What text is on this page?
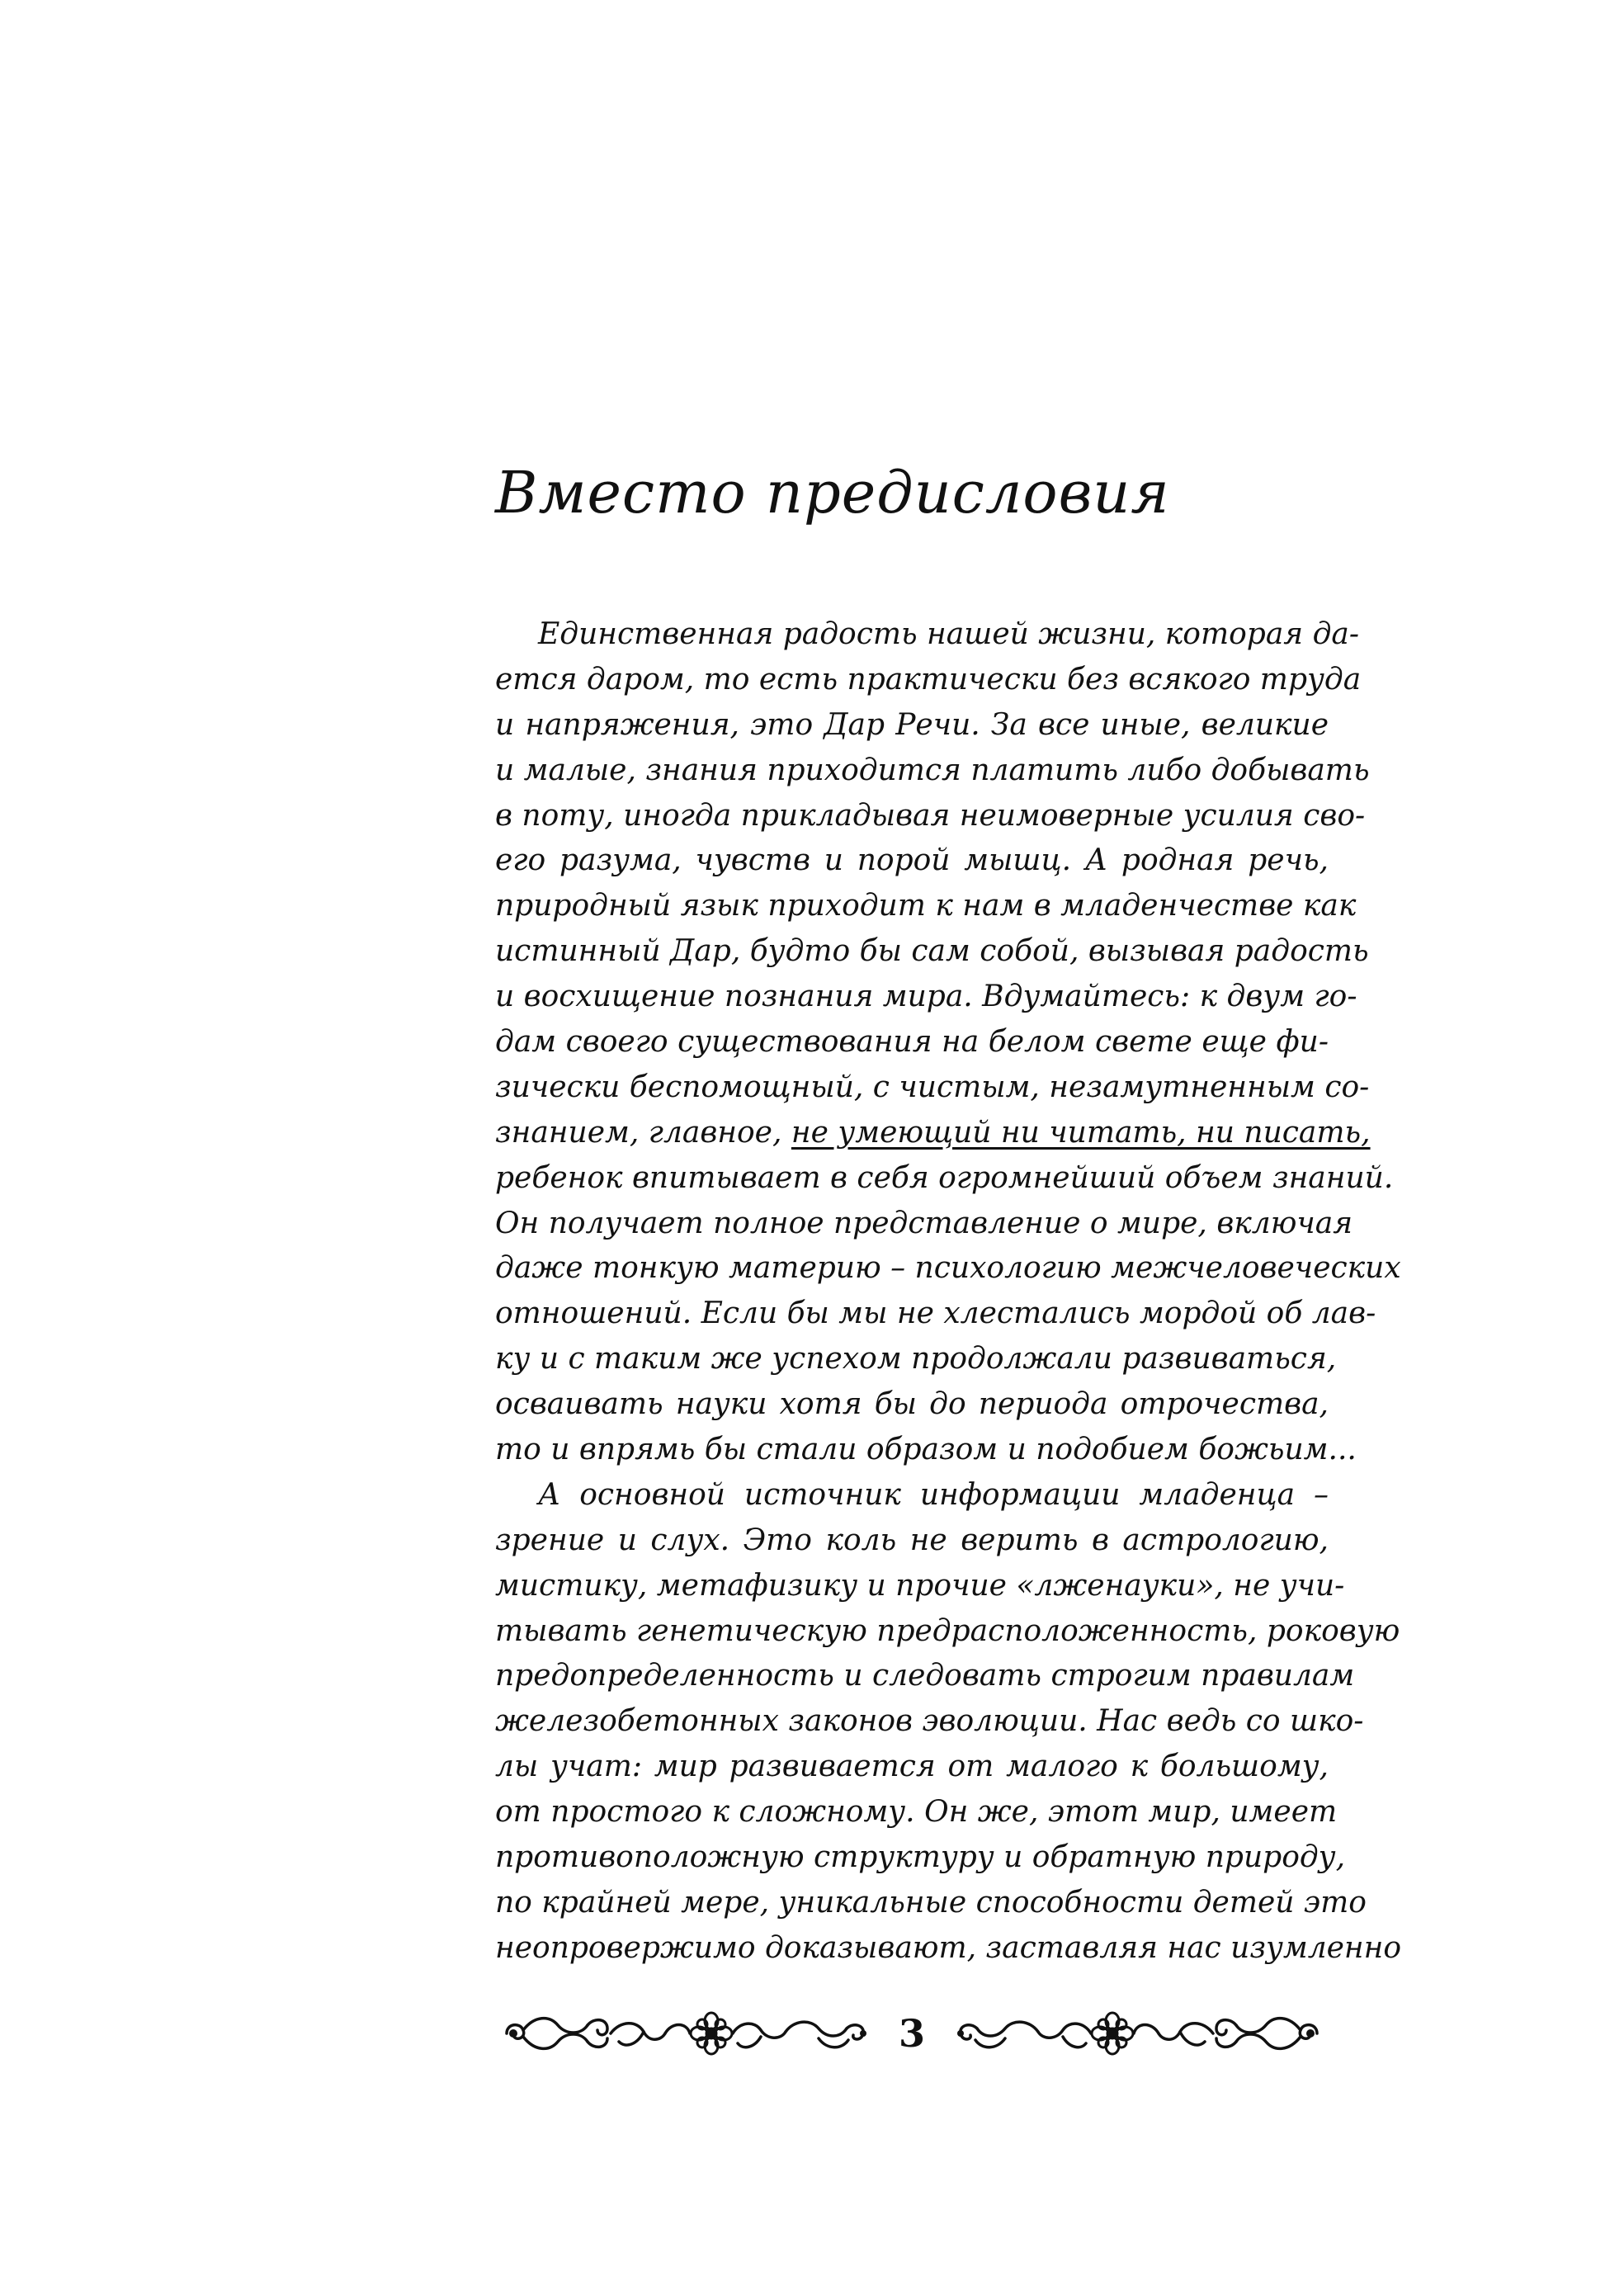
Вместо предисловия
Единственная радость нашей жизни, которая да-
ется даром, то есть практически без всякого труда
и напряжения, это Дар Речи. За все иные, великие
и малые, знания приходится платить либо добывать
в поту, иногда прикладывая неимоверные усилия сво-
его разума, чувств и порой мышц. А родная речь,
природный язык приходит к нам в младенчестве как
истинный Дар, будто бы сам собой, вызывая радость
и восхищение познания мира. Вдумайтесь: к двум го-
дам своего существования на белом свете еще фи-
зически беспомощный, с чистым, незамутненным со-
знанием, главное, не умеющий ни читать, ни писать,
ребенок впитывает в себя огромнейший объем знаний.
Он получает полное представление о мире, включая
даже тонкую материю – психологию межчеловеческих
отношений. Если бы мы не хлестались мордой об лав-
ку и с таким же успехом продолжали развиваться,
осваивать науки хотя бы до периода отрочества,
то и впрямь бы стали образом и подобием божьим...
А основной источник информации младенца –
зрение и слух. Это коль не верить в астрологию,
мистику, метафизику и прочие «лженауки», не учи-
тывать генетическую предрасположенность, роковую
предопределенность и следовать строгим правилам
железобетонных законов эволюции. Нас ведь со шко-
лы учат: мир развивается от малого к большому,
от простого к сложному. Он же, этот мир, имеет
противоположную структуру и обратную природу,
по крайней мере, уникальные способности детей это
неопровержимо доказывают, заставляя нас изумленно
3
